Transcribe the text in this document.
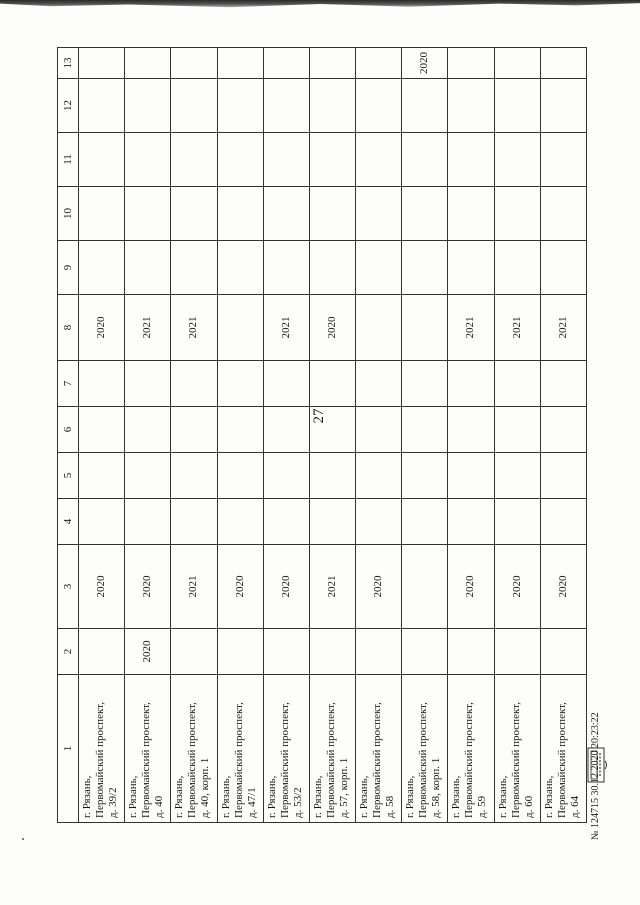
27
1	2	3	4	5	6	7	8	9	10	11	12	13

г. Рязань, Первомайский проспект, д. 39/2		2020					2020					

г. Рязань, Первомайский проспект, д. 40	2020	2020					2021					

г. Рязань, Первомайский проспект, д. 40, корп. 1		2021					2021					

г. Рязань, Первомайский проспект, д. 47/1		2020										

г. Рязань, Первомайский проспект, д. 53/2		2020					2021					

г. Рязань, Первомайский проспект, д. 57, корп. 1		2021					2020					

г. Рязань, Первомайский проспект, д. 58		2020										

г. Рязань, Первомайский проспект, д. 58, корп. 1												2020

г. Рязань, Первомайский проспект, д. 59		2020					2021					

г. Рязань, Первомайский проспект, д. 60		2020					2021					

г. Рязань, Первомайский проспект, д. 64		2020					2021					
№ 124715 30.12.2020 20:23:22
